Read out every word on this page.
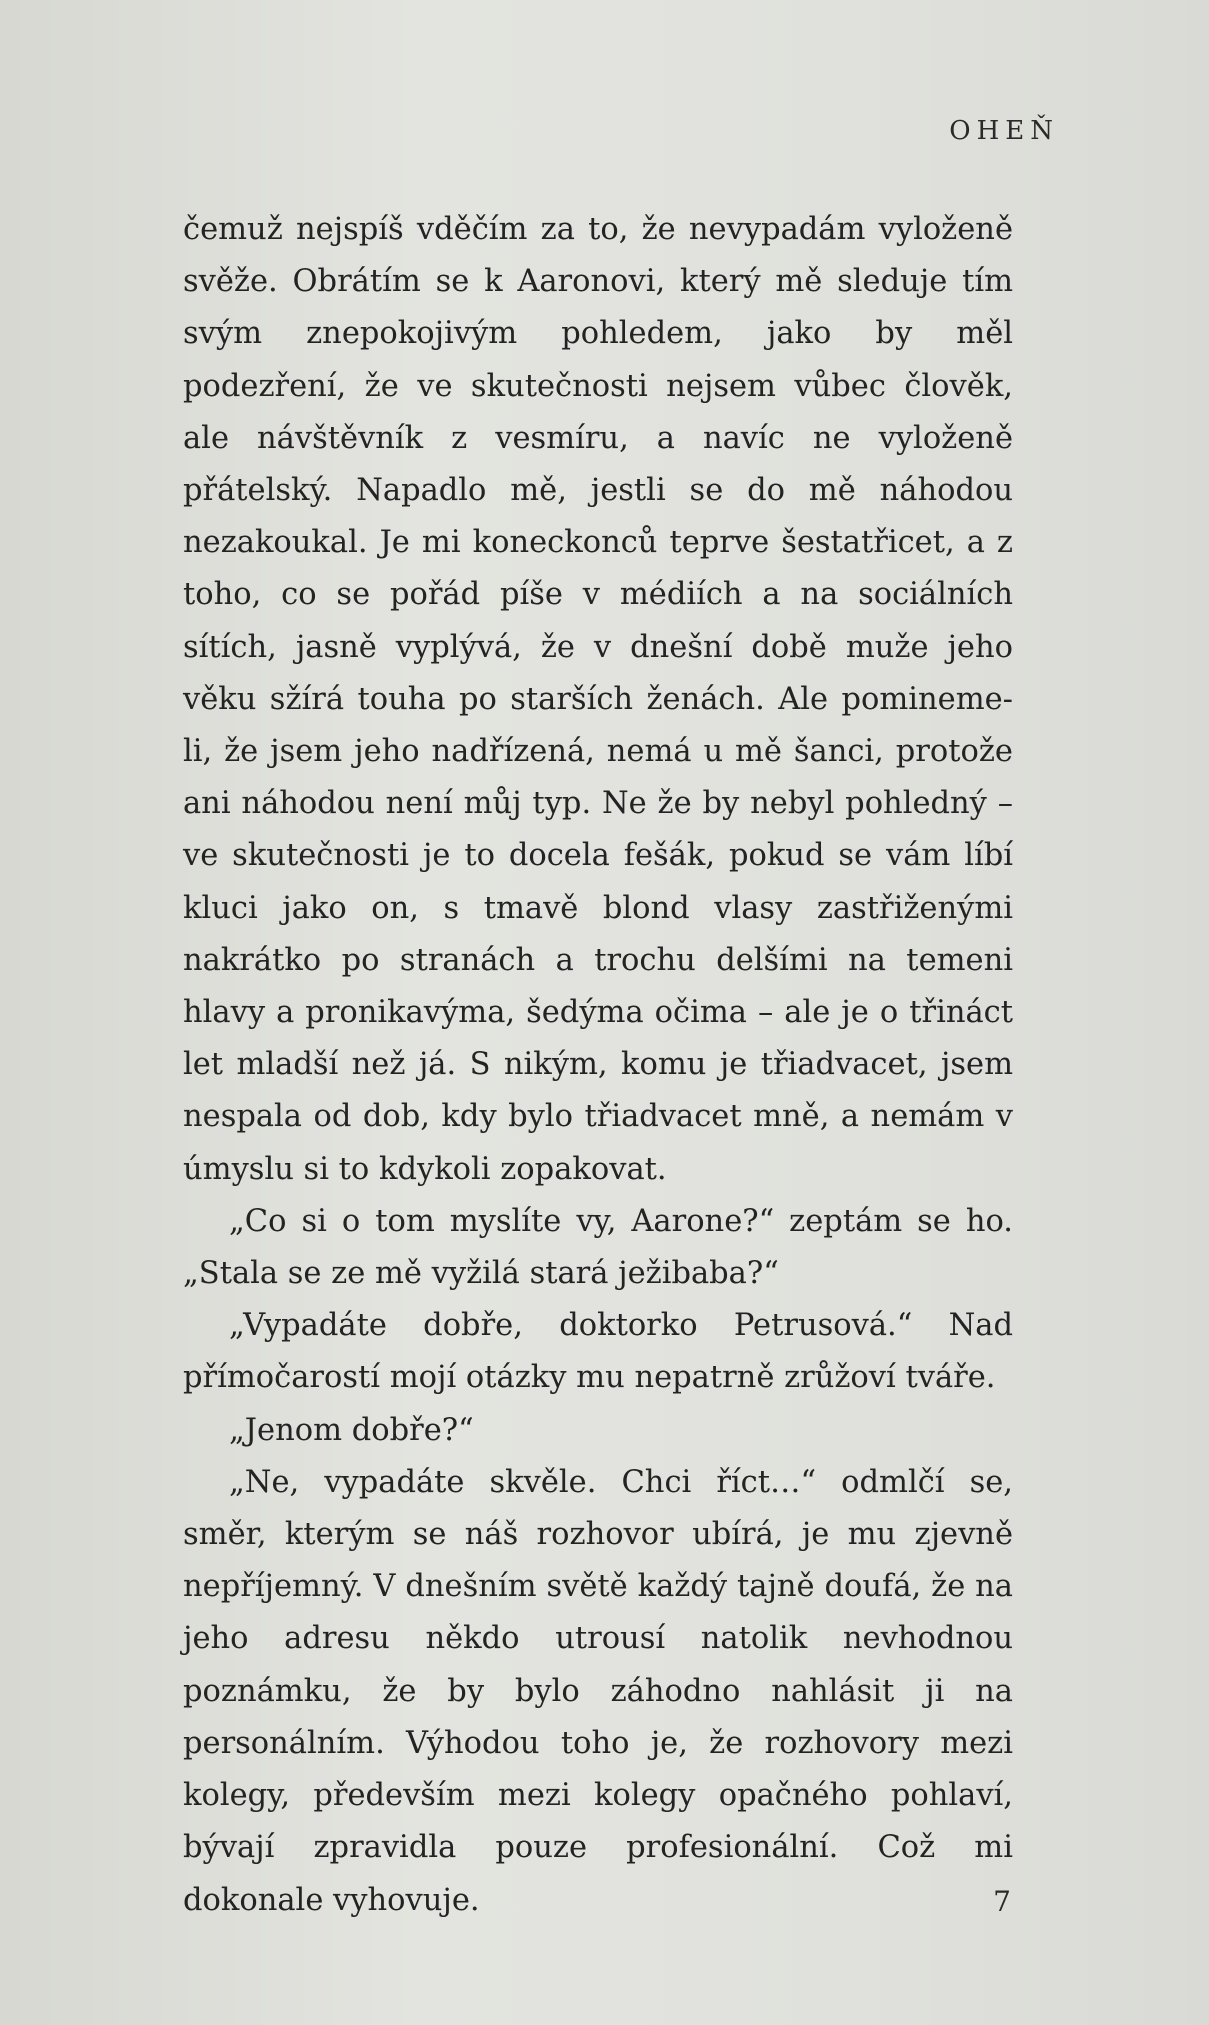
OHEŇ

čemuž nejspíš vděčím za to, že nevypadám vyloženě svěže. Obrátím se k Aaronovi, který mě sleduje tím svým znepokojivým pohledem, jako by měl podezření, že ve skutečnosti nejsem vůbec člověk, ale návštěvník z vesmíru, a navíc ne vyloženě přátelský. Napadlo mě, jestli se do mě náhodou nezakoukal. Je mi koneckonců teprve šestatřicet, a z toho, co se pořád píše v médiích a na sociálních sítích, jasně vyplývá, že v dnešní době muže jeho věku sžírá touha po starších ženách. Ale pomineme-li, že jsem jeho nadřízená, nemá u mě šanci, protože ani náhodou není můj typ. Ne že by nebyl pohledný – ve skutečnosti je to docela fešák, pokud se vám líbí kluci jako on, s tmavě blond vlasy zastřiženými nakrátko po stranách a trochu delšími na temeni hlavy a pronikavýma, šedýma očima – ale je o třináct let mladší než já. S nikým, komu je třiadvacet, jsem nespala od dob, kdy bylo třiadvacet mně, a nemám v úmyslu si to kdykoli zopakovat.

„Co si o tom myslíte vy, Aarone?“ zeptám se ho. „Stala se ze mě vyžilá stará ježibaba?“

„Vypadáte dobře, doktorko Petrusová.“ Nad přímočarostí mojí otázky mu nepatrně zrůžoví tváře.

„Jenom dobře?“

„Ne, vypadáte skvěle. Chci říct…“ odmlčí se, směr, kterým se náš rozhovor ubírá, je mu zjevně nepříjemný. V dnešním světě každý tajně doufá, že na jeho adresu někdo utrousí natolik nevhodnou poznámku, že by bylo záhodno nahlásit ji na personálním. Výhodou toho je, že rozhovory mezi kolegy, především mezi kolegy opačného pohlaví, bývají zpravidla pouze profesionální. Což mi dokonale vyhovuje.	7
